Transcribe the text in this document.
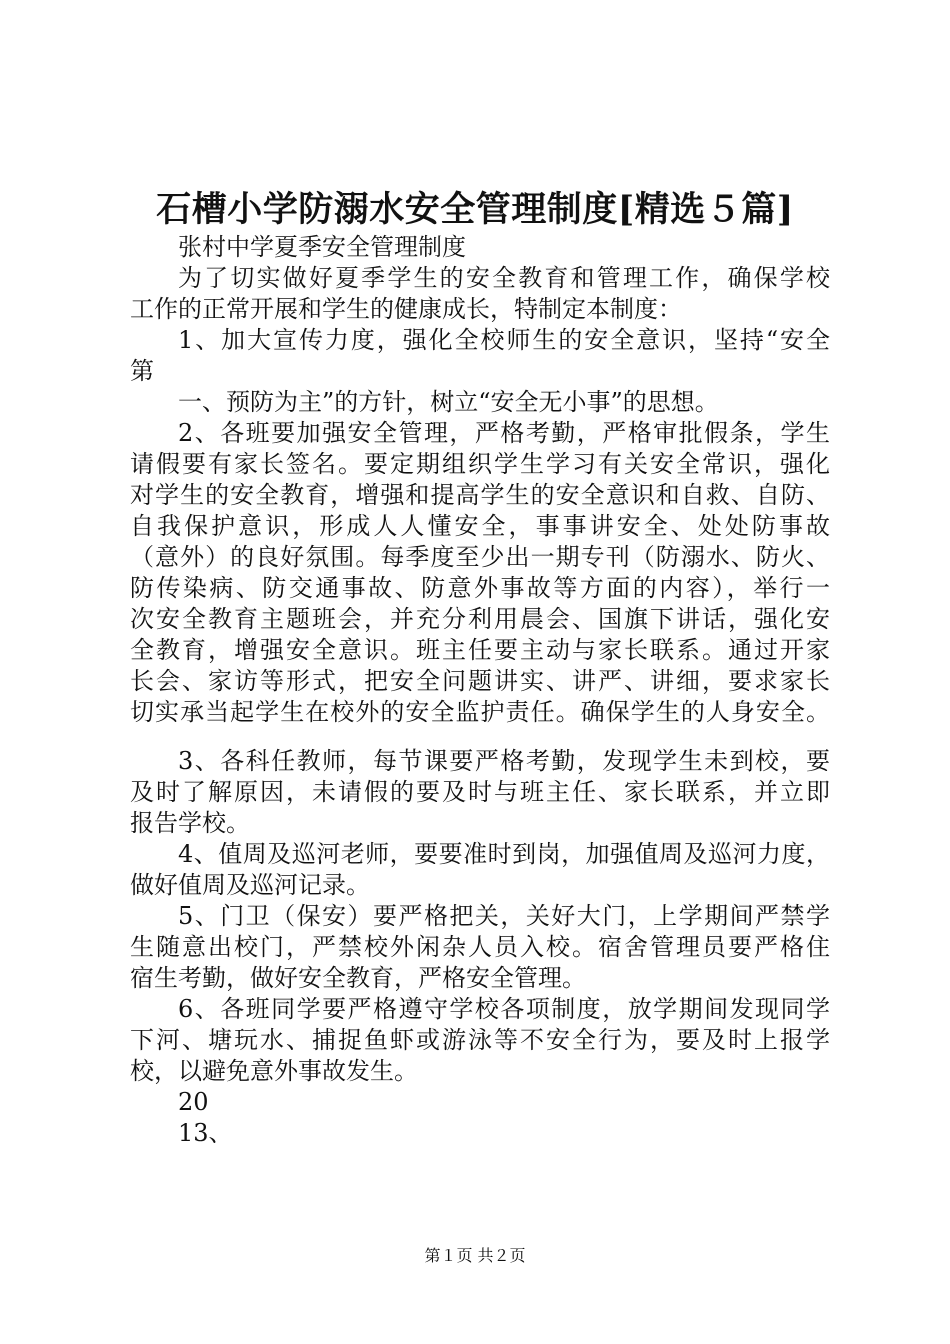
石槽小学防溺水安全管理制度[精选５篇]
张村中学夏季安全管理制度
为了切实做好夏季学生的安全教育和管理工作，确保学校
工作的正常开展和学生的健康成长，特制定本制度：
1、加大宣传力度，强化全校师生的安全意识，坚持“安全
第
一、预防为主”的方针，树立“安全无小事”的思想。
2、各班要加强安全管理，严格考勤，严格审批假条，学生
请假要有家长签名。要定期组织学生学习有关安全常识，强化
对学生的安全教育，增强和提高学生的安全意识和自救、自防、
自我保护意识，形成人人懂安全，事事讲安全、处处防事故
（意外）的良好氛围。每季度至少出一期专刊（防溺水、防火、
防传染病、防交通事故、防意外事故等方面的内容），举行一
次安全教育主题班会，并充分利用晨会、国旗下讲话，强化安
全教育，增强安全意识。班主任要主动与家长联系。通过开家
长会、家访等形式，把安全问题讲实、讲严、讲细，要求家长
切实承当起学生在校外的安全监护责任。确保学生的人身安全。
3、各科任教师，每节课要严格考勤，发现学生未到校，要
及时了解原因，未请假的要及时与班主任、家长联系，并立即
报告学校。
4、值周及巡河老师，要要准时到岗，加强值周及巡河力度，
做好值周及巡河记录。
5、门卫（保安）要严格把关，关好大门，上学期间严禁学
生随意出校门，严禁校外闲杂人员入校。宿舍管理员要严格住
宿生考勤，做好安全教育，严格安全管理。
6、各班同学要严格遵守学校各项制度，放学期间发现同学
下河、塘玩水、捕捉鱼虾或游泳等不安全行为，要及时上报学
校，以避免意外事故发生。
20
13、
第１页 共２页
